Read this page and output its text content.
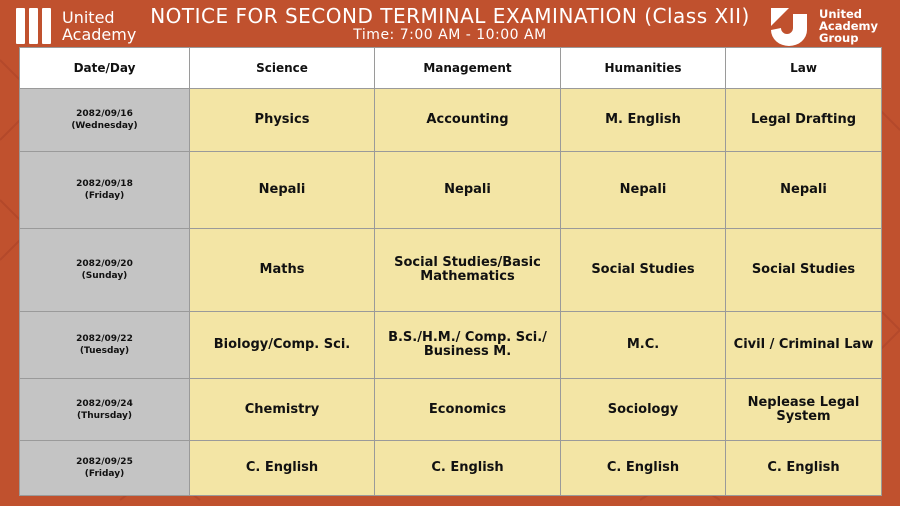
United
Academy
NOTICE FOR SECOND TERMINAL EXAMINATION (Class XII)
Time: 7:00 AM - 10:00 AM
United
Academy
Group
Date/Day	Science	Management	Humanities	Law

2082/09/16
(Wednesday)	Physics	Accounting	M. English	Legal Drafting

2082/09/18
(Friday)	Nepali	Nepali	Nepali	Nepali

2082/09/20
(Sunday)	Maths	Social Studies/Basic Mathematics	Social Studies	Social Studies

2082/09/22
(Tuesday)	Biology/Comp. Sci.	B.S./H.M./ Comp. Sci./ Business M.	M.C.	Civil / Criminal Law

2082/09/24
(Thursday)	Chemistry	Economics	Sociology	Neplease Legal System

2082/09/25
(Friday)	C. English	C. English	C. English	C. English
